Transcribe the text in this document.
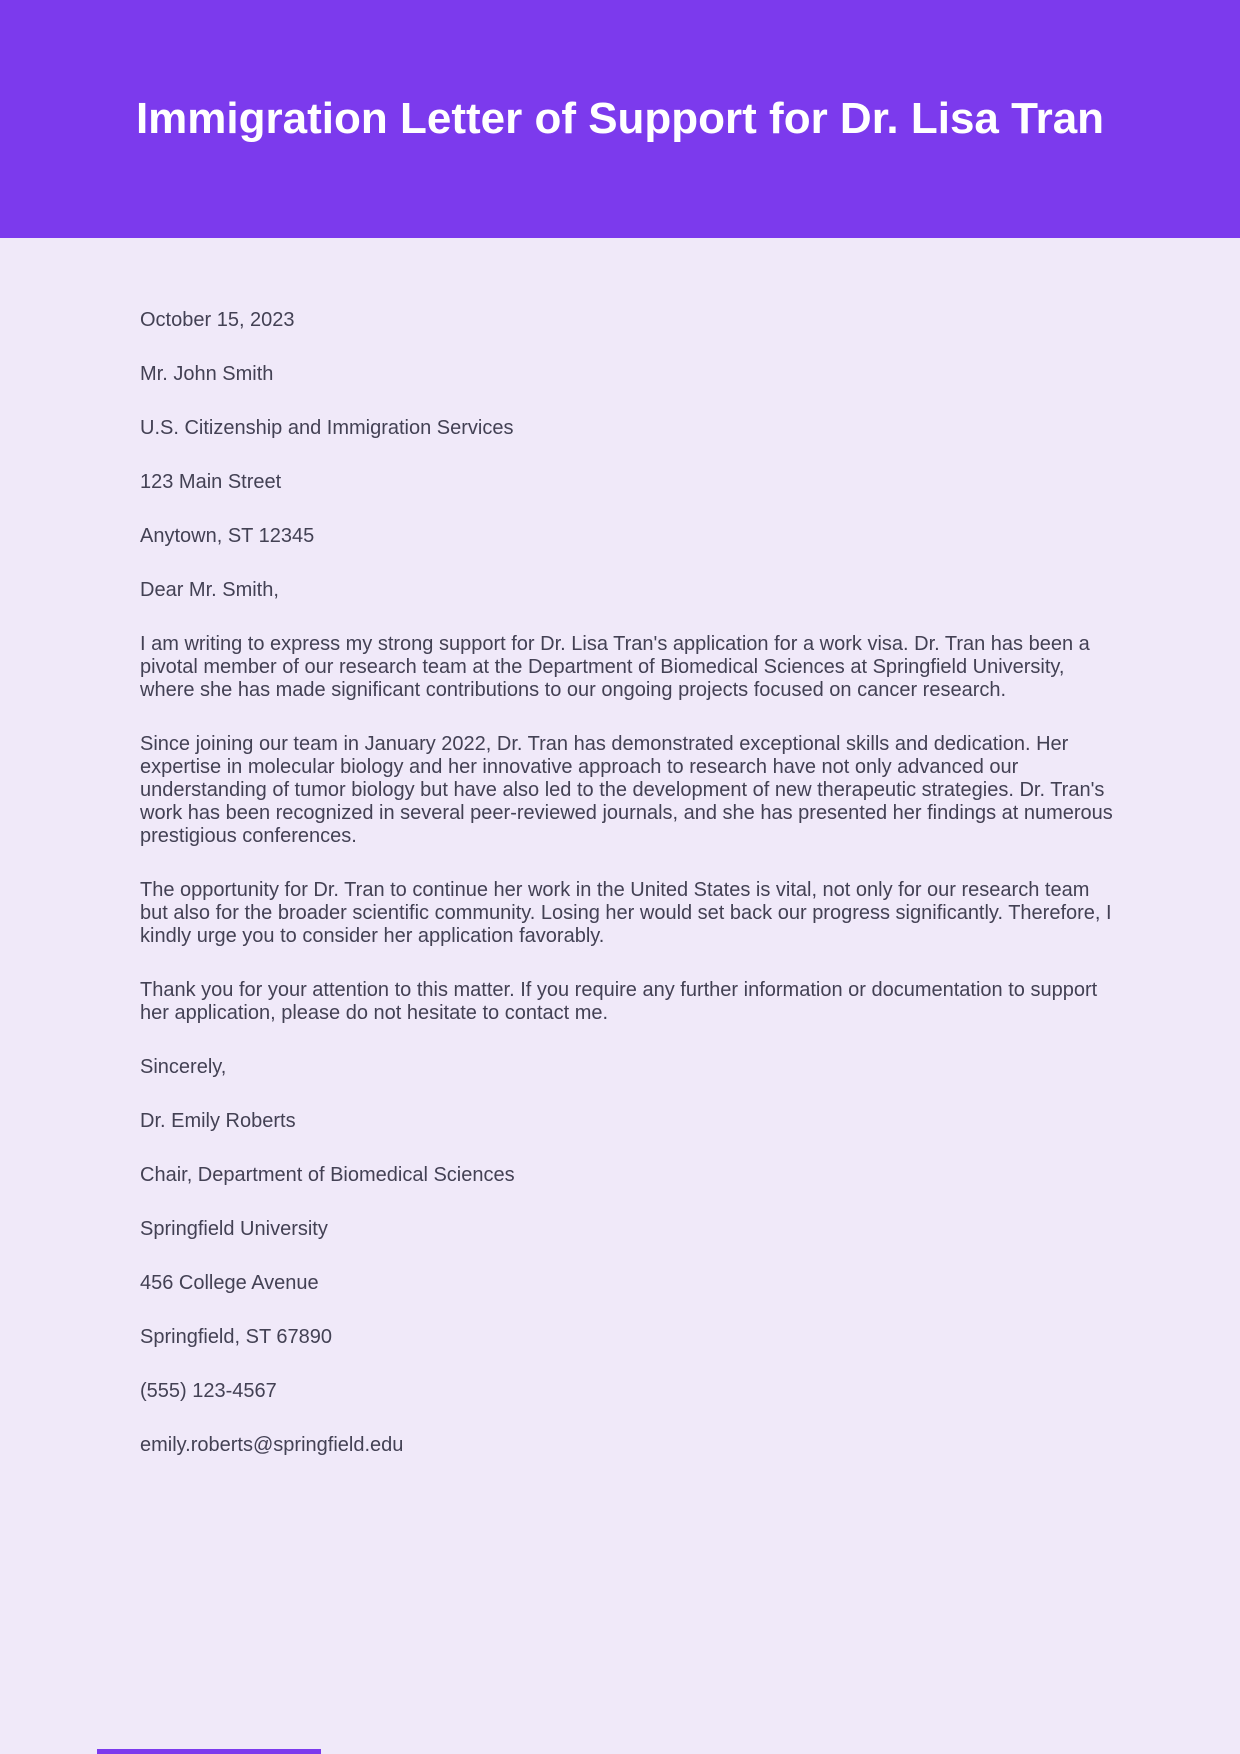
Immigration Letter of Support for Dr. Lisa Tran

October 15, 2023

Mr. John Smith

U.S. Citizenship and Immigration Services

123 Main Street

Anytown, ST 12345

Dear Mr. Smith,

I am writing to express my strong support for Dr. Lisa Tran's application for a work visa. Dr. Tran has been a pivotal member of our research team at the Department of Biomedical Sciences at Springfield University, where she has made significant contributions to our ongoing projects focused on cancer research.

Since joining our team in January 2022, Dr. Tran has demonstrated exceptional skills and dedication. Her expertise in molecular biology and her innovative approach to research have not only advanced our understanding of tumor biology but have also led to the development of new therapeutic strategies. Dr. Tran's work has been recognized in several peer-reviewed journals, and she has presented her findings at numerous prestigious conferences.

The opportunity for Dr. Tran to continue her work in the United States is vital, not only for our research team but also for the broader scientific community. Losing her would set back our progress significantly. Therefore, I kindly urge you to consider her application favorably.

Thank you for your attention to this matter. If you require any further information or documentation to support her application, please do not hesitate to contact me.

Sincerely,

Dr. Emily Roberts

Chair, Department of Biomedical Sciences

Springfield University

456 College Avenue

Springfield, ST 67890

(555) 123-4567

emily.roberts@springfield.edu
